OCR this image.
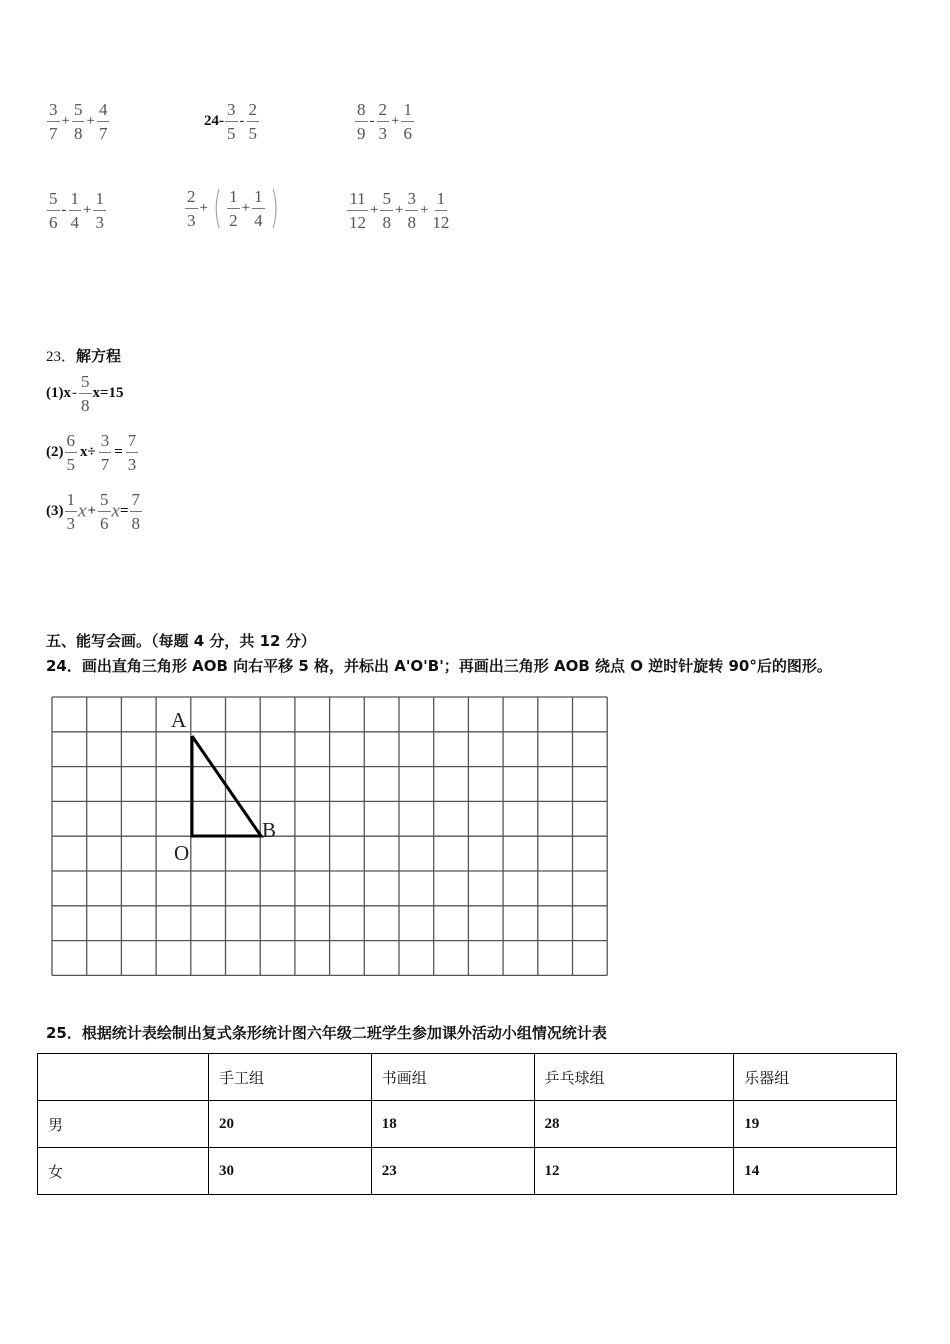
$\frac{3}{7} + \frac{5}{8} + \frac{4}{7}$	$24- \frac{3}{5} - \frac{2}{5}$	$\frac{8}{9} - \frac{2}{3} + \frac{1}{6}$
$\frac{5}{6} - \frac{1}{4} + \frac{1}{3}$	$\frac{2}{3}$ + ( $\frac{1}{2} + \frac{1}{4}$ )	$\frac{11}{12} + \frac{5}{8} + \frac{3}{8} + \frac{1}{12}$
23．解方程
$(1)x- \frac{5}{8} x=15$
$(2) \frac{6}{5} x\div \frac{3}{7} = \frac{7}{3}$
$(3) \frac{1}{3} x+ \frac{5}{6} x= \frac{7}{8}$
五、能写会画。（每题 4 分，共 12 分）
24．画出直角三角形 AOB 向右平移 5 格，并标出 A'O'B'；再画出三角形 AOB 绕点 O 逆时针旋转 90°后的图形。
A
O
B
25．根据统计表绘制出复式条形统计图六年级二班学生参加课外活动小组情况统计表
	手工组	书画组	乒乓球组	乐器组
男	20	18	28	19
女	30	23	12	14
